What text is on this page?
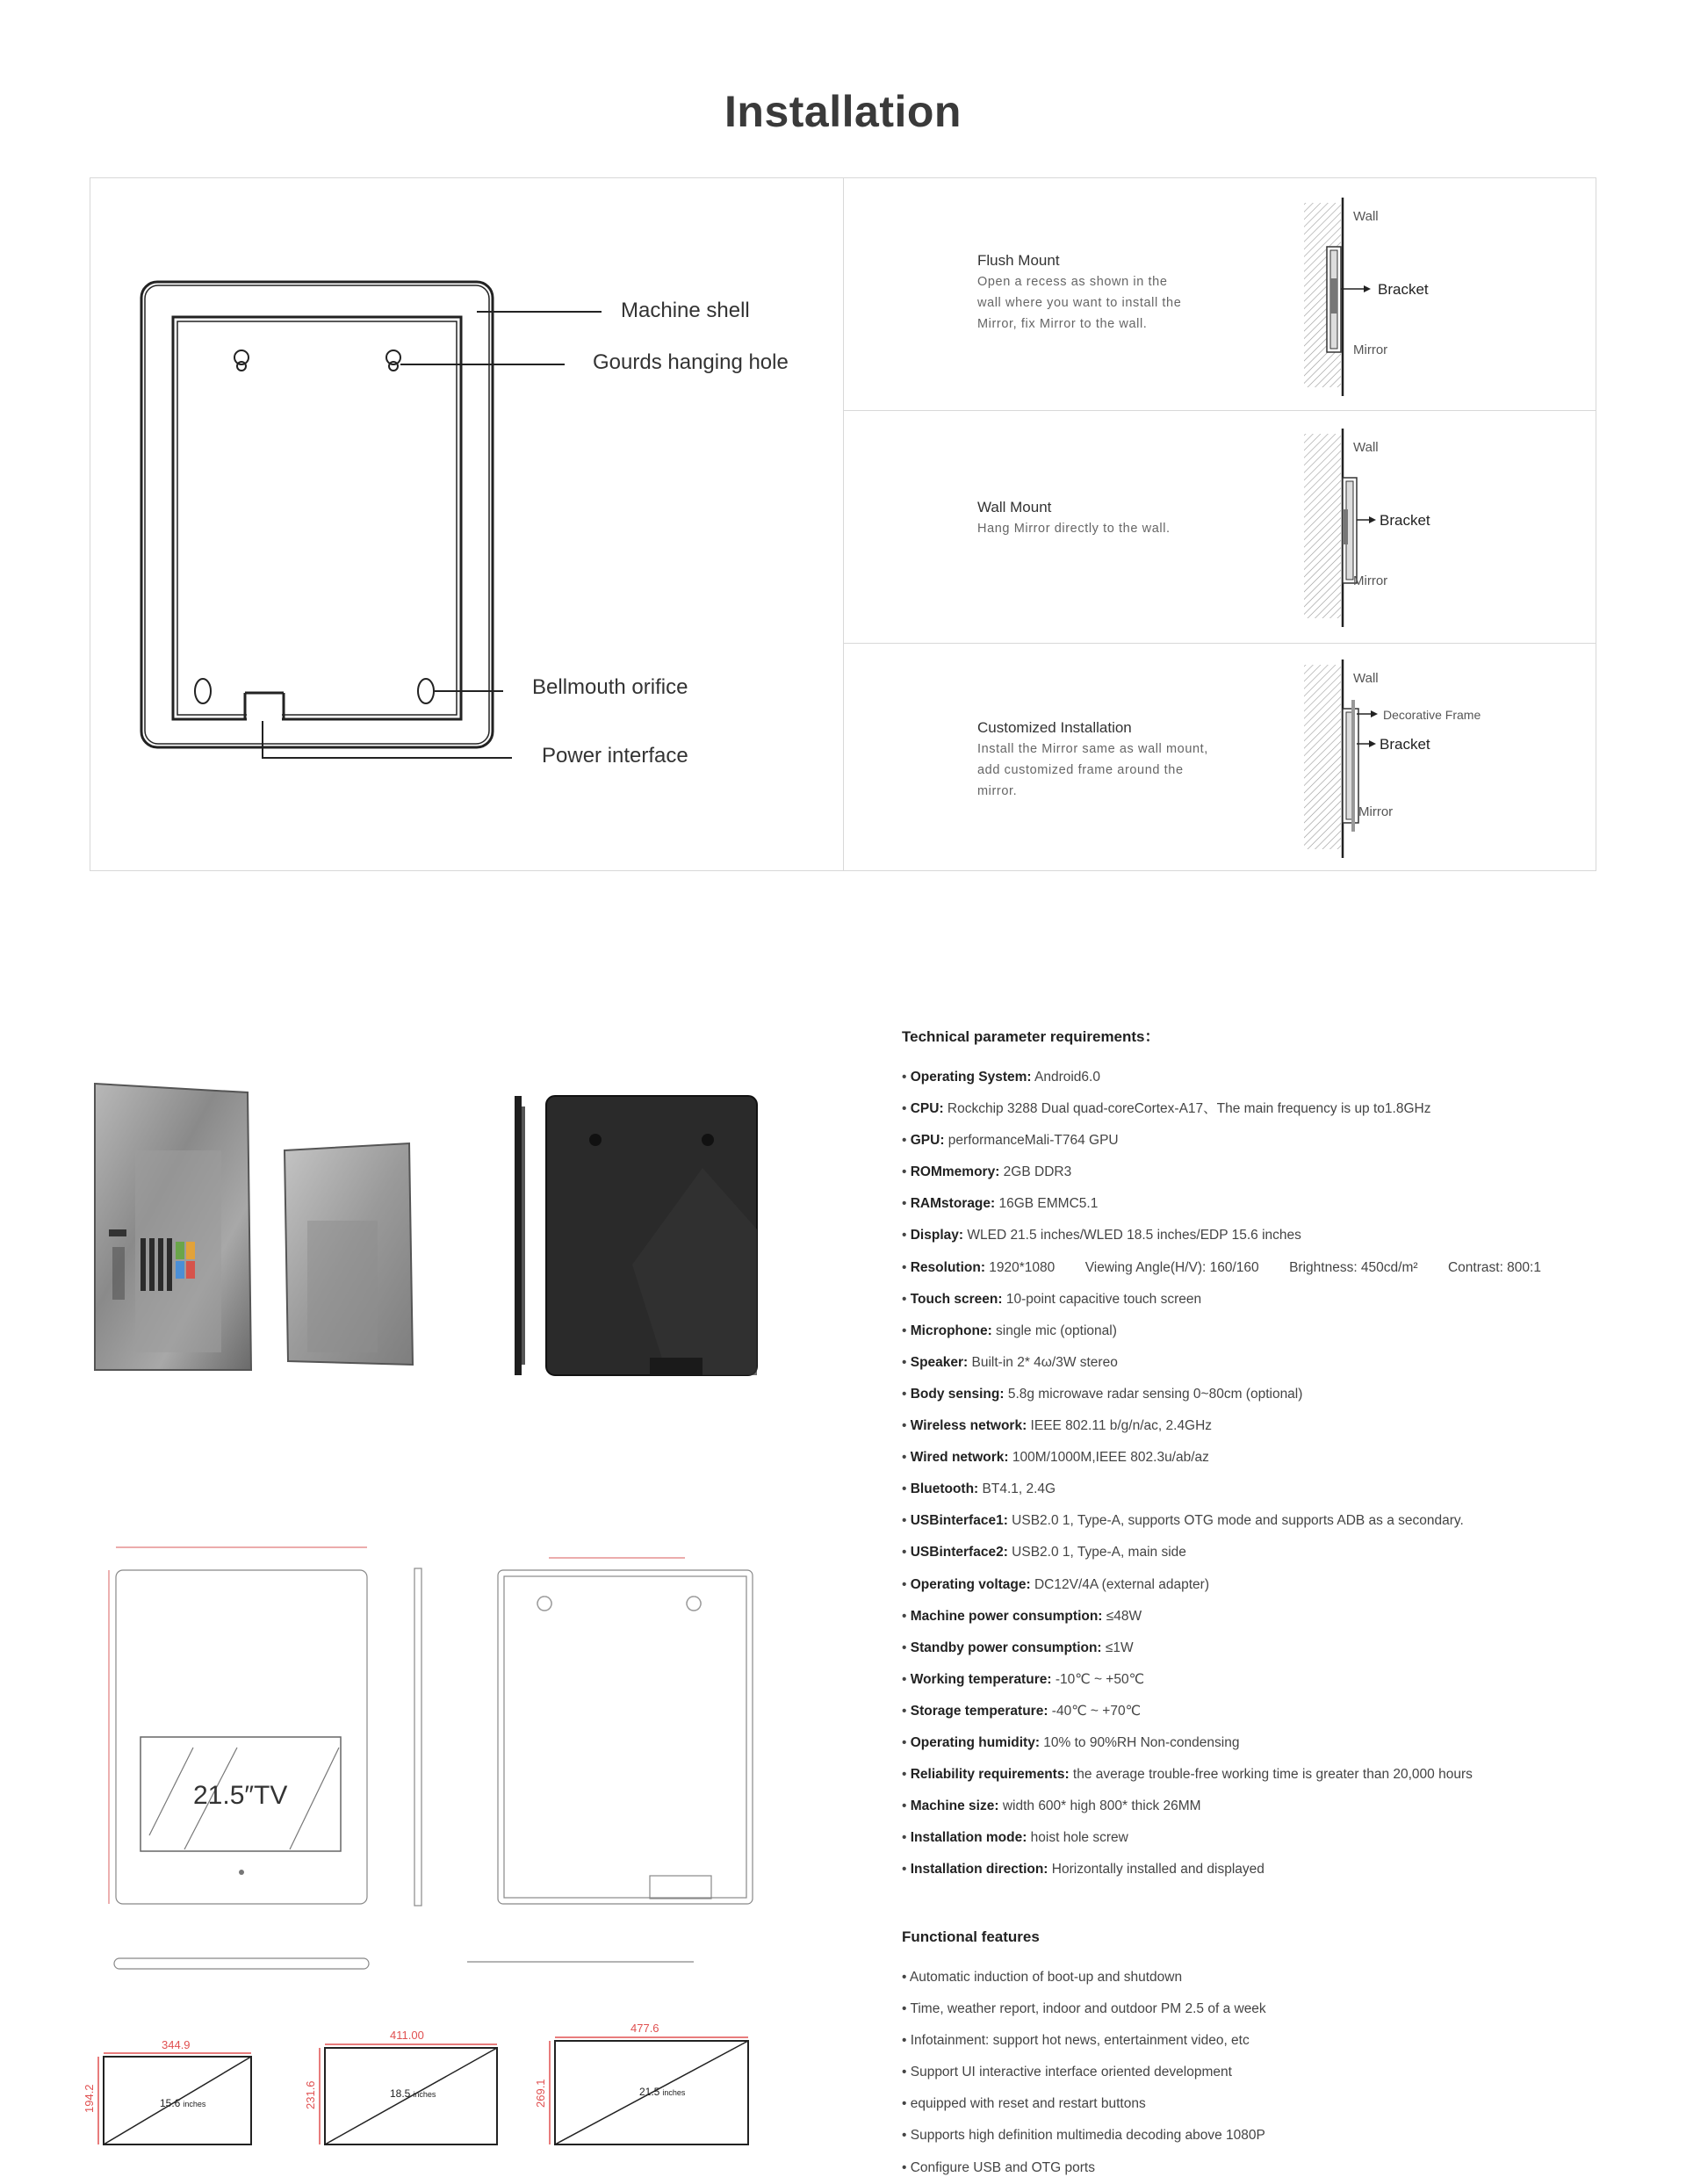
Installation
Machine shell
Gourds hanging hole
Bellmouth orifice
Power interface
Flush Mount
Open a recess as shown in the
wall where you want to install the
Mirror, fix Mirror to the wall.
Wall
Bracket
Mirror
Wall Mount
Hang Mirror directly to the wall.
Wall
Bracket
Mirror
Customized Installation
Install the Mirror same as wall mount,
add customized frame around the
mirror.
Wall
Decorative Frame
Bracket
Mirror
21.5″TV
344.9
194.2	15.6 inches
411.00
231.6	18.5 inches
477.6
269.1	21.5 inches
Technical parameter requirements：
• Operating System: Android6.0
• CPU: Rockchip 3288 Dual quad-coreCortex-A17、The main frequency is up to1.8GHz
• GPU: performanceMali-T764 GPU
• ROMmemory: 2GB DDR3
• RAMstorage: 16GB EMMC5.1
• Display: WLED 21.5 inches/WLED 18.5 inches/EDP 15.6 inches
• Resolution: 1920*1080        Viewing Angle(H/V): 160/160        Brightness: 450cd/m²        Contrast: 800:1
• Touch screen: 10-point capacitive touch screen
• Microphone: single mic (optional)
• Speaker: Built-in 2* 4ω/3W stereo
• Body sensing: 5.8g microwave radar sensing 0~80cm (optional)
• Wireless network: IEEE 802.11 b/g/n/ac, 2.4GHz
• Wired network: 100M/1000M,IEEE 802.3u/ab/az
• Bluetooth: BT4.1, 2.4G
• USBinterface1: USB2.0 1, Type-A, supports OTG mode and supports ADB as a secondary.
• USBinterface2: USB2.0 1, Type-A, main side
• Operating voltage: DC12V/4A (external adapter)
• Machine power consumption: ≤48W
• Standby power consumption: ≤1W
• Working temperature: -10℃ ~ +50℃
• Storage temperature: -40℃ ~ +70℃
• Operating humidity: 10% to 90%RH Non-condensing
• Reliability requirements: the average trouble-free working time is greater than 20,000 hours
• Machine size: width 600* high 800* thick 26MM
• Installation mode: hoist hole screw
• Installation direction: Horizontally installed and displayed
Functional features
• Automatic induction of boot-up and shutdown
• Time, weather report, indoor and outdoor PM 2.5 of a week
• Infotainment: support hot news, entertainment video, etc
• Support UI interactive interface oriented development
• equipped with reset and restart buttons
• Supports high definition multimedia decoding above 1080P
• Configure USB and OTG ports
